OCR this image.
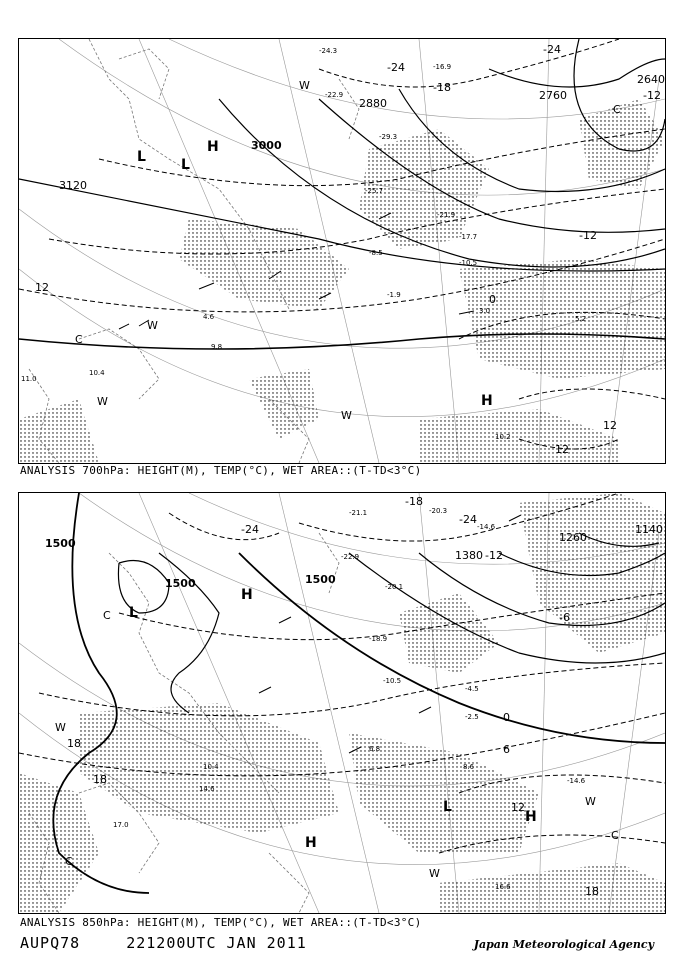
3120
3000
2880
2760
2640
-24
-24
-18
-12
-12
0
12
12
12
H
L	L
H
W
W
W
W
C
C
-24.3
-16.9
-22.9
-25.7
-29.3
-21.9
-17.7
-10.5
-8.5
-1.9
3.0
5.2
10.2
10.4
9.8
4.6
11.0
ANALYSIS 700hPa: HEIGHT(M), TEMP(°C), WET AREA::(T-TD<3°C)
1500
1500	1500
1380
1260
1140
-24
-18
-24
-12
-6
0
6
12
18
18
18
H
L
H
L
H
W
W
W
C
C
C
-21.1	-20.3
-14.6
-22.9
-20.1
-18.9
-10.5
-4.5
-2.5
6.8
8.6
-14.6
16.6
17.0
14.6
10.4
ANALYSIS 850hPa: HEIGHT(M), TEMP(°C), WET AREA::(T-TD<3°C)
AUPQ78	221200UTC JAN 2011	Japan Meteorological Agency
